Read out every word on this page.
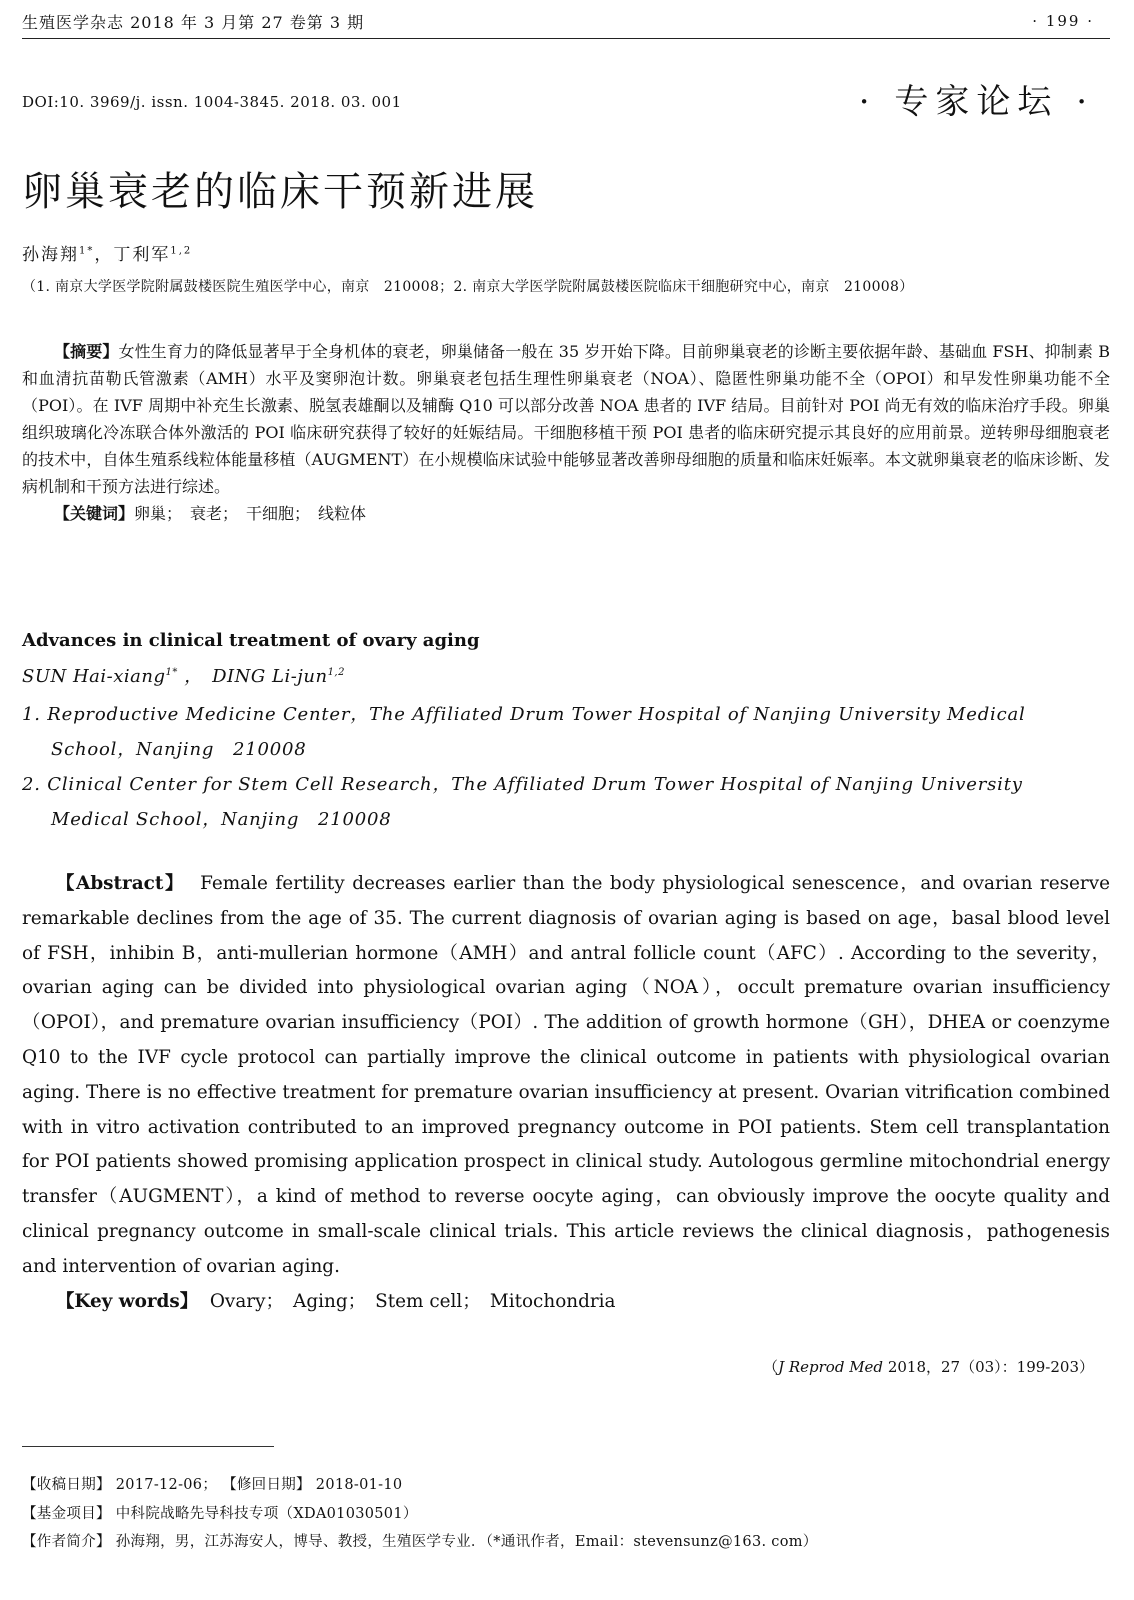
生殖医学杂志 2018 年 3 月第 27 卷第 3 期	· 199 ·
DOI:10. 3969/j. issn. 1004-3845. 2018. 03. 001	· 专家论坛 ·
卵巢衰老的临床干预新进展
孙海翔$^{1*}$，丁利军$^{1,2}$
（1. 南京大学医学院附属鼓楼医院生殖医学中心，南京　210008；2. 南京大学医学院附属鼓楼医院临床干细胞研究中心，南京　210008）

【摘要】女性生育力的降低显著早于全身机体的衰老，卵巢储备一般在 35 岁开始下降。目前卵巢衰老的诊断主要依据年龄、基础血 FSH、抑制素 B 和血清抗苗勒氏管激素（AMH）水平及窦卵泡计数。卵巢衰老包括生理性卵巢衰老（NOA）、隐匿性卵巢功能不全（OPOI）和早发性卵巢功能不全（POI）。在 IVF 周期中补充生长激素、脱氢表雄酮以及辅酶 Q10 可以部分改善 NOA 患者的 IVF 结局。目前针对 POI 尚无有效的临床治疗手段。卵巢组织玻璃化冷冻联合体外激活的 POI 临床研究获得了较好的妊娠结局。干细胞移植干预 POI 患者的临床研究提示其良好的应用前景。逆转卵母细胞衰老的技术中，自体生殖系线粒体能量移植（AUGMENT）在小规模临床试验中能够显著改善卵母细胞的质量和临床妊娠率。本文就卵巢衰老的临床诊断、发病机制和干预方法进行综述。

【关键词】卵巢；　衰老；　干细胞；　线粒体

Advances in clinical treatment of ovary aging
SUN Hai-xiang$^{1*}$ ，　DING Li-jun$^{1,2}$
1. Reproductive Medicine Center，The Affiliated Drum Tower Hospital of Nanjing University Medical
School，Nanjing　210008
2. Clinical Center for Stem Cell Research，The Affiliated Drum Tower Hospital of Nanjing University
Medical School，Nanjing　210008

【Abstract】 Female fertility decreases earlier than the body physiological senescence，and ovarian reserve remarkable declines from the age of 35. The current diagnosis of ovarian aging is based on age，basal blood level of FSH，inhibin B，anti-mullerian hormone（AMH）and antral follicle count（AFC）. According to the severity，ovarian aging can be divided into physiological ovarian aging（NOA），occult premature ovarian insufficiency（OPOI），and premature ovarian insufficiency（POI）. The addition of growth hormone（GH），DHEA or coenzyme Q10 to the IVF cycle protocol can partially improve the clinical outcome in patients with physiological ovarian aging. There is no effective treatment for premature ovarian insufficiency at present. Ovarian vitrification combined with in vitro activation contributed to an improved pregnancy outcome in POI patients. Stem cell transplantation for POI patients showed promising application prospect in clinical study. Autologous germline mitochondrial energy transfer（AUGMENT），a kind of method to reverse oocyte aging，can obviously improve the oocyte quality and clinical pregnancy outcome in small-scale clinical trials. This article reviews the clinical diagnosis，pathogenesis and intervention of ovarian aging.

【Key words】 Ovary；　Aging；　Stem cell；　Mitochondria

（J Reprod Med 2018，27（03）：199-203）
【收稿日期】 2017-12-06； 【修回日期】 2018-01-10
【基金项目】 中科院战略先导科技专项（XDA01030501）
【作者简介】 孙海翔，男，江苏海安人，博导、教授，生殖医学专业．（*通讯作者，Email：stevensunz@163. com）
